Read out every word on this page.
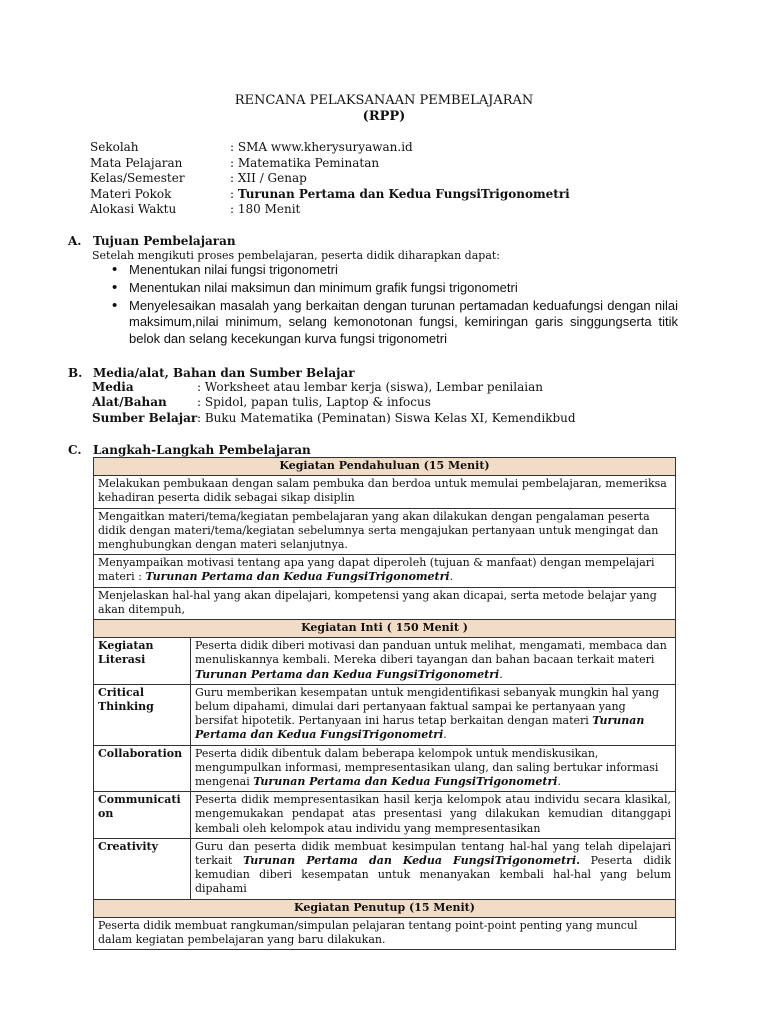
RENCANA PELAKSANAAN PEMBELAJARAN
(RPP)
Sekolah	: SMA www.kherysuryawan.id
Mata Pelajaran	: Matematika Peminatan
Kelas/Semester	: XII / Genap
Materi Pokok	: Turunan Pertama dan Kedua FungsiTrigonometri
Alokasi Waktu	: 180 Menit
A. Tujuan Pembelajaran
Setelah mengikuti proses pembelajaran, peserta didik diharapkan dapat:
• Menentukan nilai fungsi trigonometri
• Menentukan nilai maksimun dan minimum grafik fungsi trigonometri
• Menyelesaikan masalah yang berkaitan dengan turunan pertamadan keduafungsi dengan nilai maksimum,nilai minimum, selang kemonotonan fungsi, kemiringan garis singgungserta titik belok dan selang kecekungan kurva fungsi trigonometri
B. Media/alat, Bahan dan Sumber Belajar
Media	: Worksheet atau lembar kerja (siswa), Lembar penilaian
Alat/Bahan	: Spidol, papan tulis, Laptop & infocus
Sumber Belajar : Buku Matematika (Peminatan) Siswa Kelas XI, Kemendikbud
C. Langkah-Langkah Pembelajaran
Kegiatan Pendahuluan (15 Menit)	
Melakukan pembukaan dengan salam pembuka dan berdoa untuk memulai pembelajaran, memeriksa kehadiran peserta didik sebagai sikap disiplin	
Mengaitkan materi/tema/kegiatan pembelajaran yang akan dilakukan dengan pengalaman peserta didik dengan materi/tema/kegiatan sebelumnya serta mengajukan pertanyaan untuk mengingat dan menghubungkan dengan materi selanjutnya.	
Menyampaikan motivasi tentang apa yang dapat diperoleh (tujuan & manfaat) dengan mempelajari materi : Turunan Pertama dan Kedua FungsiTrigonometri.	
Menjelaskan hal-hal yang akan dipelajari, kompetensi yang akan dicapai, serta metode belajar yang akan ditempuh,	
Kegiatan Inti ( 150 Menit )	
Kegiatan Literasi	Peserta didik diberi motivasi dan panduan untuk melihat, mengamati, membaca dan menuliskannya kembali. Mereka diberi tayangan dan bahan bacaan terkait materi Turunan Pertama dan Kedua FungsiTrigonometri.
Critical Thinking	Guru memberikan kesempatan untuk mengidentifikasi sebanyak mungkin hal yang belum dipahami, dimulai dari pertanyaan faktual sampai ke pertanyaan yang bersifat hipotetik. Pertanyaan ini harus tetap berkaitan dengan materi Turunan Pertama dan Kedua FungsiTrigonometri.
Collaboration	Peserta didik dibentuk dalam beberapa kelompok untuk mendiskusikan, mengumpulkan informasi, mempresentasikan ulang, dan saling bertukar informasi mengenai Turunan Pertama dan Kedua FungsiTrigonometri.
Communication	Peserta didik mempresentasikan hasil kerja kelompok atau individu secara klasikal, mengemukakan pendapat atas presentasi yang dilakukan kemudian ditanggapi kembali oleh kelompok atau individu yang mempresentasikan
Creativity	Guru dan peserta didik membuat kesimpulan tentang hal-hal yang telah dipelajari terkait Turunan Pertama dan Kedua FungsiTrigonometri. Peserta didik kemudian diberi kesempatan untuk menanyakan kembali hal-hal yang belum dipahami
Kegiatan Penutup (15 Menit)	
Peserta didik membuat rangkuman/simpulan pelajaran tentang point-point penting yang muncul dalam kegiatan pembelajaran yang baru dilakukan.	
